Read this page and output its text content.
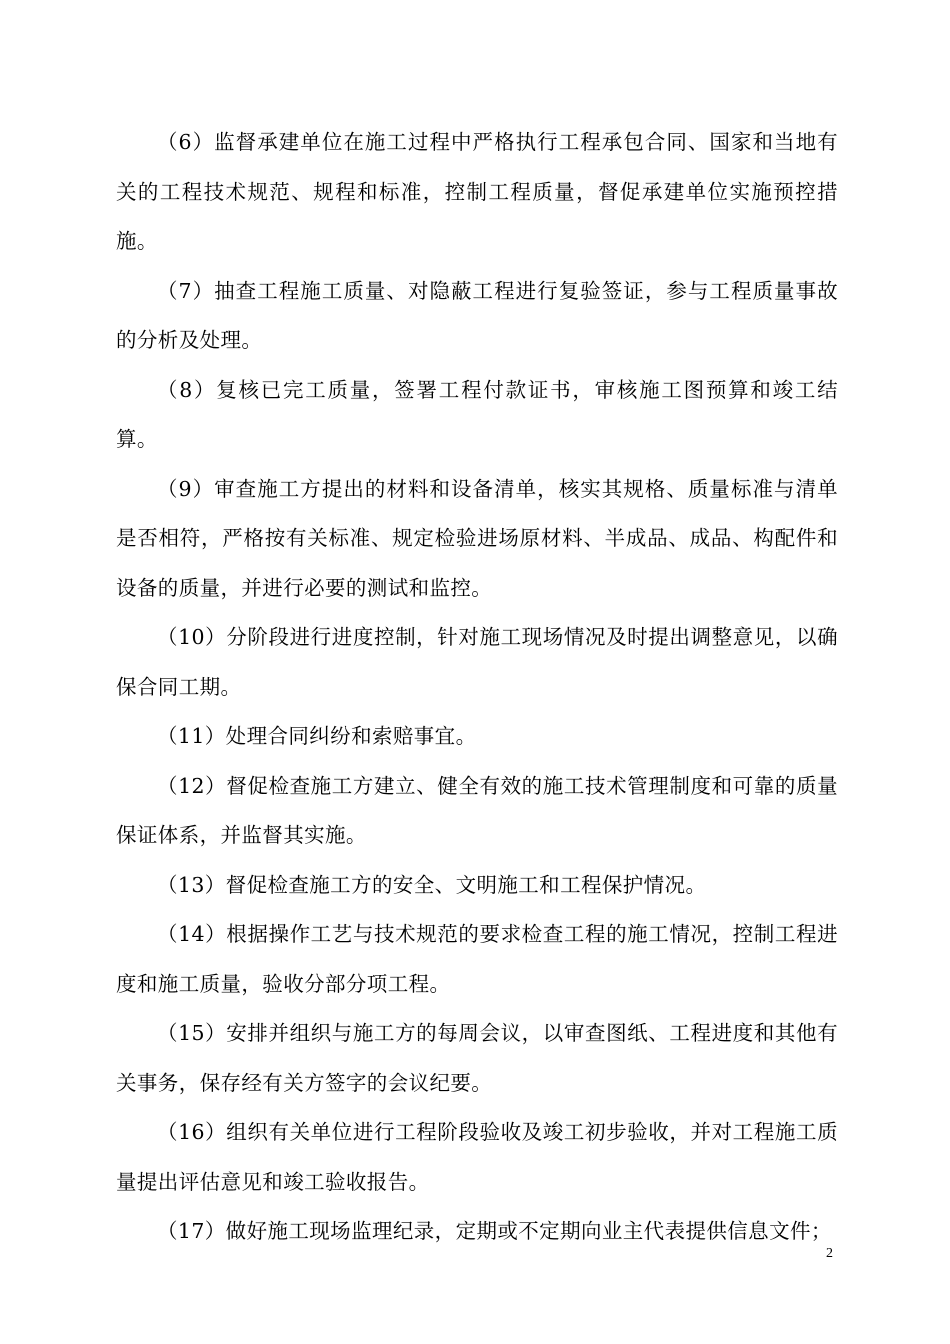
（6）监督承建单位在施工过程中严格执行工程承包合同、国家和当地有关的工程技术规范、规程和标准，控制工程质量，督促承建单位实施预控措施。

（7）抽查工程施工质量、对隐蔽工程进行复验签证，参与工程质量事故的分析及处理。

（8）复核已完工质量，签署工程付款证书，审核施工图预算和竣工结算。

（9）审查施工方提出的材料和设备清单，核实其规格、质量标准与清单是否相符，严格按有关标准、规定检验进场原材料、半成品、成品、构配件和设备的质量，并进行必要的测试和监控。

（10）分阶段进行进度控制，针对施工现场情况及时提出调整意见，以确保合同工期。

（11）处理合同纠纷和索赔事宜。

（12）督促检查施工方建立、健全有效的施工技术管理制度和可靠的质量保证体系，并监督其实施。

（13）督促检查施工方的安全、文明施工和工程保护情况。

（14）根据操作工艺与技术规范的要求检查工程的施工情况，控制工程进度和施工质量，验收分部分项工程。

（15）安排并组织与施工方的每周会议，以审查图纸、工程进度和其他有关事务，保存经有关方签字的会议纪要。

（16）组织有关单位进行工程阶段验收及竣工初步验收，并对工程施工质量提出评估意见和竣工验收报告。

（17）做好施工现场监理纪录，定期或不定期向业主代表提供信息文件；

2
